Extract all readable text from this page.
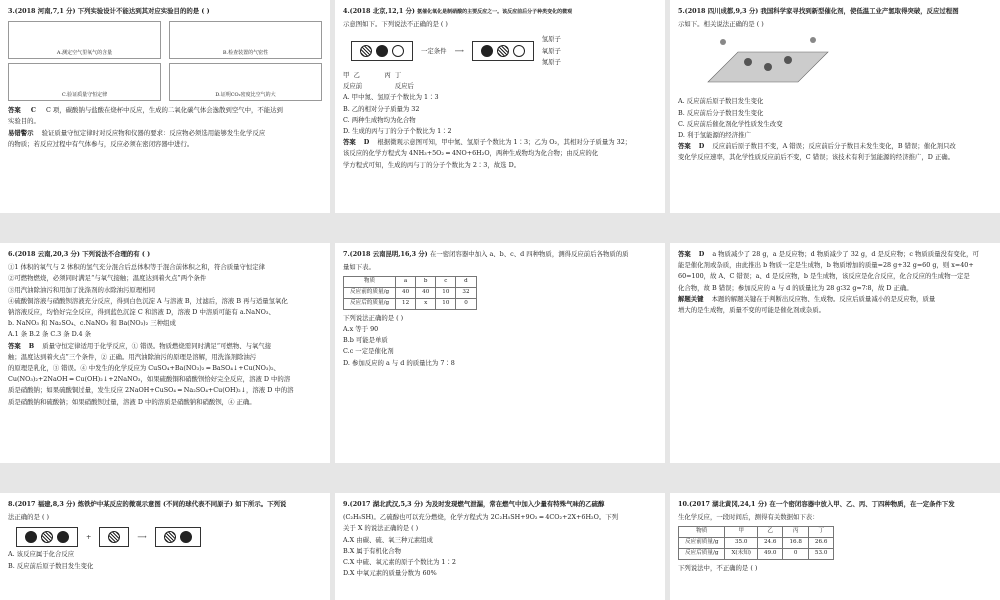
3.(2018 河南,7,1 分) 下列实验设计不能达到其对应实验目的的是 ( )

A.测定空气里氧气的含量	B.检查装置的气密性
C.验证质量守恒定律	D.证明CO₂密度比空气的大

答案 C C 项，碳酸钠与盐酸在烧杯中反应，生成的二氧化碳气体会逸散到空气中，不能达到

实验目的。

易错警示 验证质量守恒定律时对反应物和仪器的要求：反应物必须选用能够发生化学反应

的物质；若反应过程中有气体参与，反应必须在密闭容器中进行。

4.(2018 北京,12,1 分) 氨催化氧化是制硝酸的主要反应之一。该反应前后分子种类变化的微观

示意图如下。下列说法不正确的是 ( )

一定条件 ⟶
氢原子
氧原子
氮原子

甲 乙	丙 丁

反应前	反应后

A. 甲中氮、氢原子个数比为 1∶3

B. 乙的相对分子质量为 32

C. 两种生成物均为化合物

D. 生成的丙与丁的分子个数比为 1∶2

答案 D 根据微观示意图可知，甲中氮、氢原子个数比为 1∶3；乙为 O₂，其相对分子质量为 32；

该反应的化学方程式为 4NH₃+5O₂ ═ 4NO+6H₂O，两种生成物均为化合物；由反应的化

学方程式可知，生成的丙与丁的分子个数比为 2∶3，故选 D。

5.(2018 四川成都,9,3 分) 我国科学家寻找到新型催化剂，使低温工业产氢取得突破，反应过程图

示如下。相关说法正确的是 ( )

A. 反应前后原子数目发生变化

B. 反应前后分子数目发生变化

C. 反应前后催化剂化学性质发生改变

D. 利于氢能源的经济推广

答案 D 反应前后原子数目不变，A 错误；反应前后分子数目未发生变化，B 错误；催化剂只改

变化学反应速率，其化学性质反应前后不变，C 错误；该技术有利于氢能源的经济推广，D 正确。

6.(2018 云南,20,3 分) 下列说法不合理的有 ( )

①1 体积的氧气与 2 体积的氢气充分混合后总体积等于混合前体积之和，符合质量守恒定律

②可燃物燃烧，必须同时满足“与氧气接触；温度达到着火点”两个条件

③用汽油除油污和用加了洗涤剂的水除油污原理相同

④硫酸铜溶液与硝酸钡溶液充分反应，得到白色沉淀 A 与溶液 B，过滤后，溶液 B 再与适量氢氧化

钠溶液反应，均恰好完全反应，得到蓝色沉淀 C 和溶液 D，溶液 D 中溶质可能有 a.NaNO₃、

b. NaNO₃ 和 Na₂SO₄、c.NaNO₃ 和 Ba(NO₃)₂ 三种组成

A.1 条 B.2 条 C.3 条 D.4 条

答案 B 质量守恒定律适用于化学反应，① 错误。物质燃烧需同时满足“可燃物、与氧气接

触；温度达到着火点”三个条件，② 正确。用汽油除油污的原理是溶解，用洗涤剂除油污

的原理是乳化，③ 错误。④ 中发生的化学反应为 CuSO₄+Ba(NO₃)₂ ═ BaSO₄↓+Cu(NO₃)₂、

Cu(NO₃)₂+2NaOH ═ Cu(OH)₂↓+2NaNO₃，如果硫酸铜和硝酸钡恰好完全反应，溶液 D 中的溶

质是硝酸钠；如果硫酸铜过量，发生反应 2NaOH+CuSO₄ ═ Na₂SO₄+Cu(OH)₂↓，溶液 D 中的溶

质是硝酸钠和硫酸钠；如果硝酸钡过量，溶液 D 中的溶质是硝酸钠和硝酸钡，④ 正确。

7.(2018 云南昆明,16,3 分) 在一密闭容器中加入 a、b、c、d 四种物质，测得反应前后各物质的质

量如下表。

物质	a	b	c	d
反应前的质量/g	40	40	10	32
反应后的质量/g	12	x	10	0

下列说法正确的是 ( )

A.x 等于 90

B.b 可能是单质

C.c 一定是催化剂

D. 参加反应的 a 与 d 的质量比为 7∶8

答案 D a 物质减少了 28 g，a 是反应物；d 物质减少了 32 g，d 是反应物；c 物质质量没有变化，可

能是催化剂或杂质，由此推出 b 物质一定是生成物，b 物质增加的质量=28 g+32 g=60 g，则 x=40+

60=100，故 A、C 错误；a、d 是反应物，b 是生成物，该反应是化合反应，化合反应的生成物一定是

化合物，故 B 错误；参加反应的 a 与 d 的质量比为 28 g∶32 g=7∶8，故 D 正确。

解题关键 本题的解题关键在于判断出反应物、生成物。反应后质量减小的是反应物，质量

增大的是生成物，质量不变的可能是催化剂或杂质。

8.(2017 福建,8,3 分) 炼铁炉中某反应的微观示意图 (不同的球代表不同原子) 如下所示。下列说

法正确的是 ( )

+	⟶

A. 该反应属于化合反应

B. 反应前后原子数目发生变化

9.(2017 湖北武汉,5,3 分) 为及时发现燃气泄漏，常在燃气中加入少量有特殊气味的乙硫醇

(C₂H₅SH)。乙硫醇也可以充分燃烧，化学方程式为 2C₂H₅SH+9O₂ ═ 4CO₂+2X+6H₂O。下列

关于 X 的说法正确的是 ( )

A.X 由碳、硫、氧三种元素组成

B.X 属于有机化合物

C.X 中硫、氧元素的原子个数比为 1∶2

D.X 中氧元素的质量分数为 60%

10.(2017 湖北黄冈,24,1 分) 在一个密闭容器中放入甲、乙、丙、丁四种物质，在一定条件下发

生化学反应，一段时间后，测得有关数据如下表：

物质	甲	乙	丙	丁
反应前质量/g	35.0	24.6	16.8	26.6
反应后质量/g	X(未知)	49.0	0	53.0

下列说法中，不正确的是 ( )
